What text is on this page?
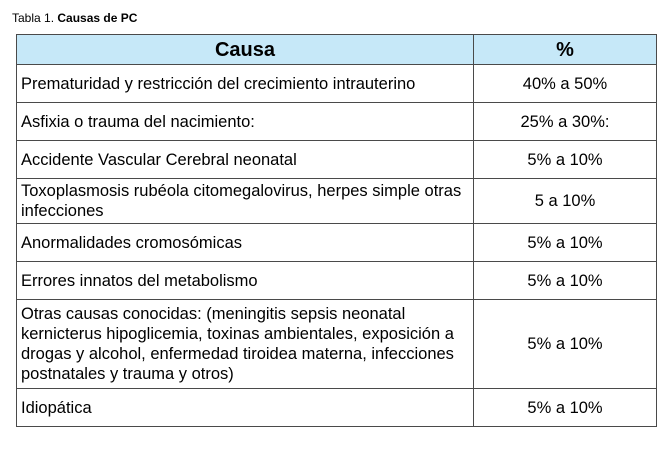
Tabla 1. Causas de PC
Causa	%
Prematuridad y restricción del crecimiento intrauterino	40% a 50%
Asfixia o trauma del nacimiento:	25% a 30%:
Accidente Vascular Cerebral neonatal	5% a 10%
Toxoplasmosis rubéola citomegalovirus, herpes simple otras infecciones	5 a 10%
Anormalidades cromosómicas	5% a 10%
Errores innatos del metabolismo	5% a 10%
Otras causas conocidas: (meningitis sepsis neonatal kernicterus hipoglicemia, toxinas ambientales, exposición a drogas y alcohol, enfermedad tiroidea materna, infecciones postnatales y trauma y otros)	5% a 10%
Idiopática	5% a 10%
